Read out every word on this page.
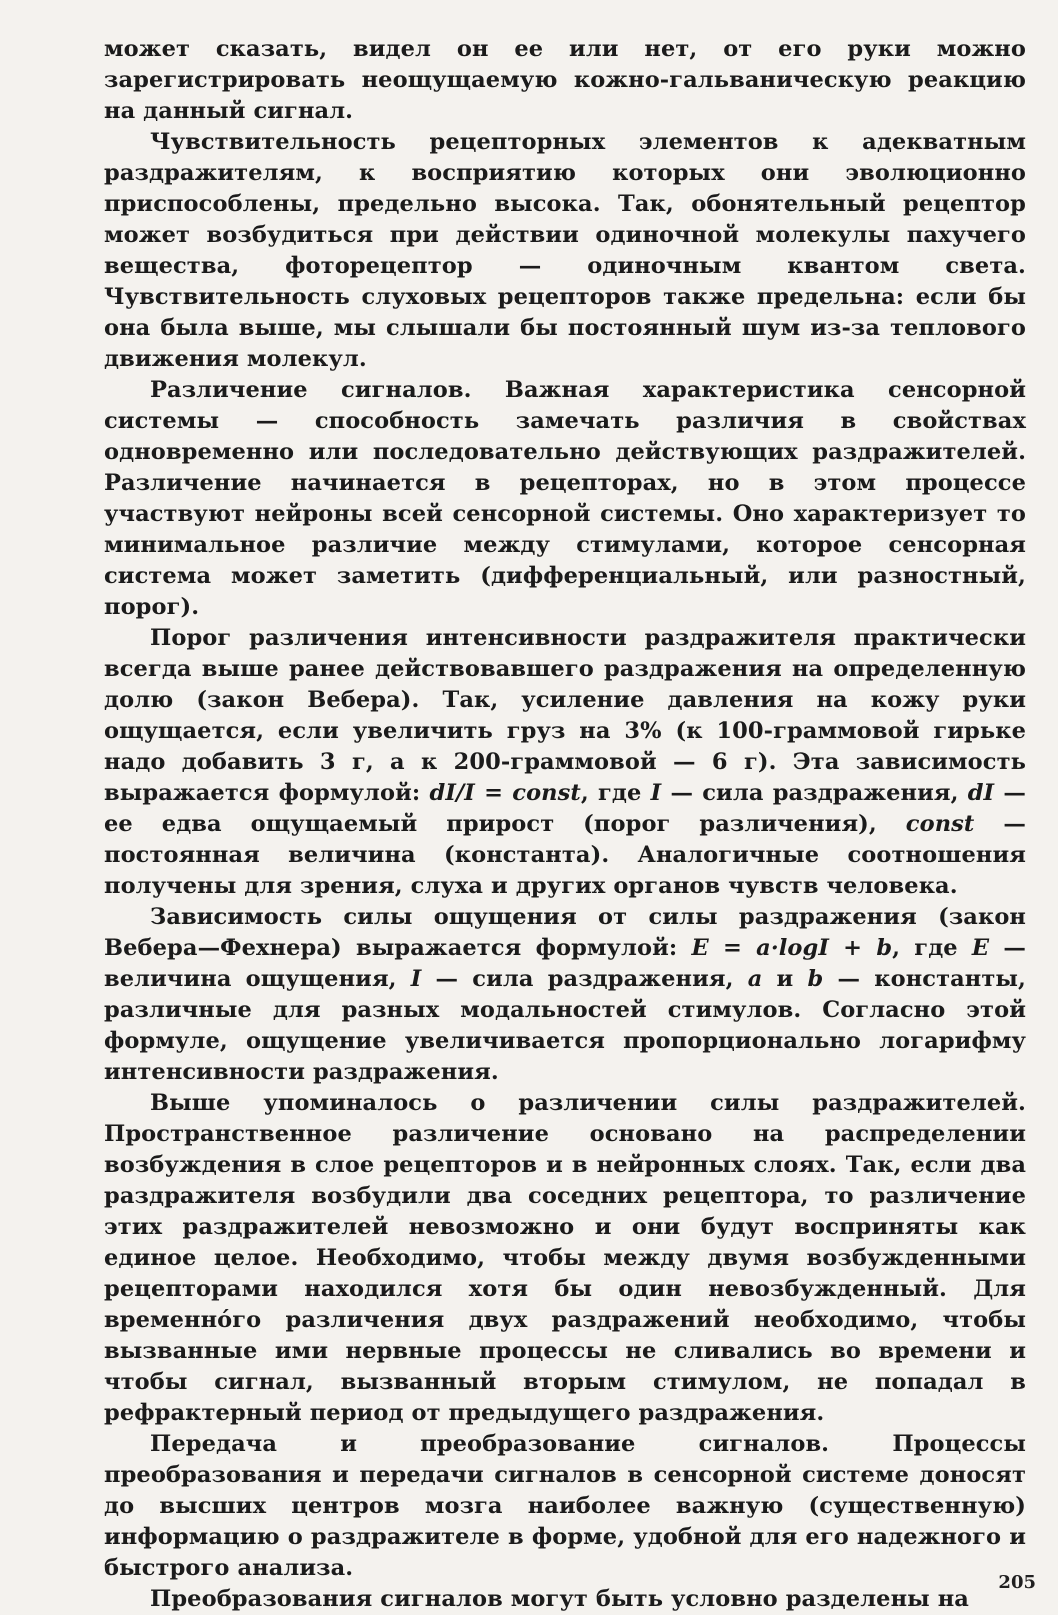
может сказать, видел он ее или нет, от его руки можно зарегистрировать неощущаемую кожно-гальваническую реакцию на данный сигнал.

Чувствительность рецепторных элементов к адекватным раздражителям, к восприятию которых они эволюционно приспособлены, предельно высока. Так, обонятельный рецептор может возбудиться при действии одиночной молекулы пахучего вещества, фоторецептор — одиночным квантом света. Чувствительность слуховых рецепторов также предельна: если бы она была выше, мы слышали бы постоянный шум из-за теплового движения молекул.

Различение сигналов. Важная характеристика сенсорной системы — способность замечать различия в свойствах одновременно или последовательно действующих раздражителей. Различение начинается в рецепторах, но в этом процессе участвуют нейроны всей сенсорной системы. Оно характеризует то минимальное различие между стимулами, которое сенсорная система может заметить (дифференциальный, или разностный, порог).

Порог различения интенсивности раздражителя практически всегда выше ранее действовавшего раздражения на определенную долю (закон Вебера). Так, усиление давления на кожу руки ощущается, если увеличить груз на 3% (к 100-граммовой гирьке надо добавить 3 г, а к 200-граммовой — 6 г). Эта зависимость выражается формулой: dI/I = const, где I — сила раздражения, dI — ее едва ощущаемый прирост (порог различения), const — постоянная величина (константа). Аналогичные соотношения получены для зрения, слуха и других органов чувств человека.

Зависимость силы ощущения от силы раздражения (закон Вебера—Фехнера) выражается формулой: E = a·logI + b, где E — величина ощущения, I — сила раздражения, a и b — константы, различные для разных модальностей стимулов. Согласно этой формуле, ощущение увеличивается пропорционально логарифму интенсивности раздражения.

Выше упоминалось о различении силы раздражителей. Пространственное различение основано на распределении возбуждения в слое рецепторов и в нейронных слоях. Так, если два раздражителя возбудили два соседних рецептора, то различение этих раздражителей невозможно и они будут восприняты как единое целое. Необходимо, чтобы между двумя возбужденными рецепторами находился хотя бы один невозбужденный. Для временнóго различения двух раздражений необходимо, чтобы вызванные ими нервные процессы не сливались во времени и чтобы сигнал, вызванный вторым стимулом, не попадал в рефрактерный период от предыдущего раздражения.

Передача и преобразование сигналов.	Процессы преобразования и передачи сигналов в сенсорной системе доносят до высших центров мозга наиболее важную (существенную) информацию о раздражителе в форме, удобной для его надежного и быстрого анализа.

Преобразования сигналов могут быть условно разделены на

205
